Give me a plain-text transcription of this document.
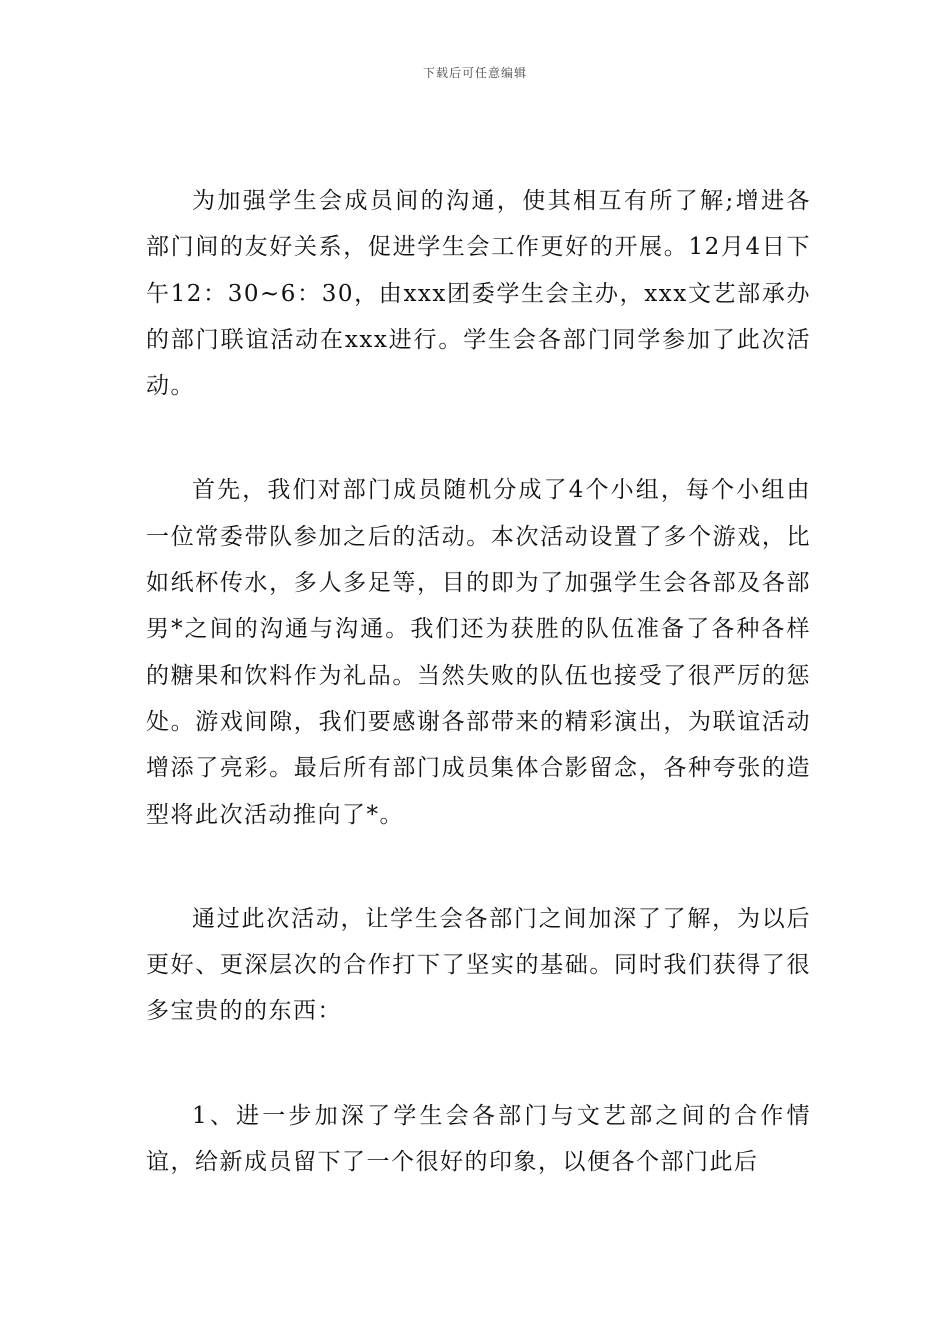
下载后可任意编辑

为加强学生会成员间的沟通，使其相互有所了解;增进各部门间的友好关系，促进学生会工作更好的开展。12月4日下午12：30~6：30，由xxx团委学生会主办，xxx文艺部承办的部门联谊活动在xxx进行。学生会各部门同学参加了此次活动。

首先，我们对部门成员随机分成了4个小组，每个小组由一位常委带队参加之后的活动。本次活动设置了多个游戏，比如纸杯传水，多人多足等，目的即为了加强学生会各部及各部男*之间的沟通与沟通。我们还为获胜的队伍准备了各种各样的糖果和饮料作为礼品。当然失败的队伍也接受了很严厉的惩处。游戏间隙，我们要感谢各部带来的精彩演出，为联谊活动增添了亮彩。最后所有部门成员集体合影留念，各种夸张的造型将此次活动推向了*。

通过此次活动，让学生会各部门之间加深了了解，为以后更好、更深层次的合作打下了坚实的基础。同时我们获得了很多宝贵的的东西：

1、进一步加深了学生会各部门与文艺部之间的合作情谊，给新成员留下了一个很好的印象，以便各个部门此后
